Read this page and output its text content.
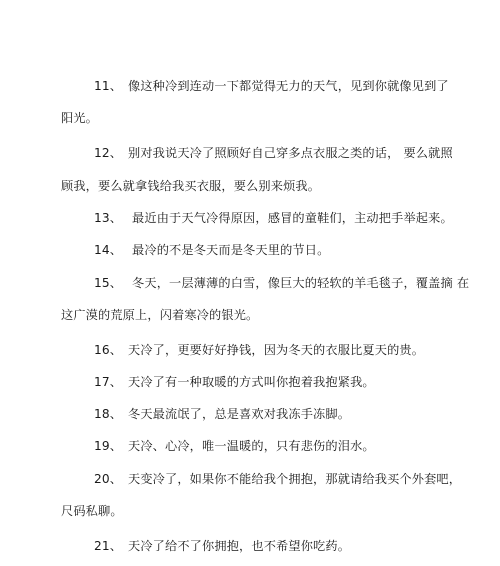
11、 像这种冷到连动一下都觉得无力的天气，见到你就像见到了
阳光。
12、 别对我说天冷了照顾好自己穿多点衣服之类的话， 要么就照
顾我，要么就拿钱给我买衣服，要么别来烦我。
13、 最近由于天气冷得原因，感冒的童鞋们，主动把手举起来。
14、 最冷的不是冬天而是冬天里的节日。
15、 冬天，一层薄薄的白雪，像巨大的轻软的羊毛毯子，覆盖摘 在
这广漠的荒原上，闪着寒冷的银光。
16、 天冷了，更要好好挣钱，因为冬天的衣服比夏天的贵。
17、 天冷了有一种取暖的方式叫你抱着我抱紧我。
18、 冬天最流氓了，总是喜欢对我冻手冻脚。
19、 天冷、心冷，唯一温暖的，只有悲伤的泪水。
20、 天变冷了，如果你不能给我个拥抱，那就请给我买个外套吧，
尺码私聊。
21、 天冷了给不了你拥抱，也不希望你吃药。
